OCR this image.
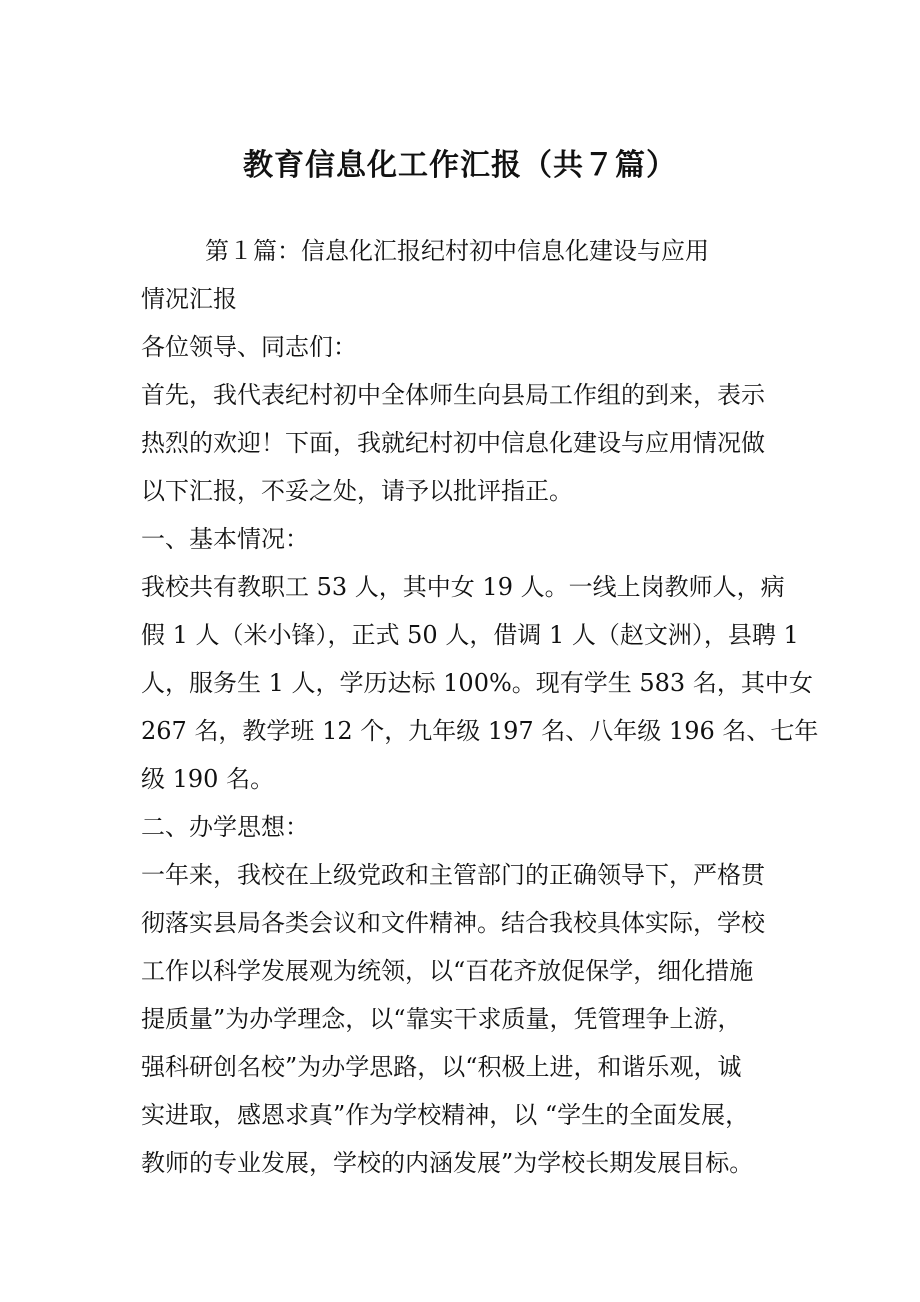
教育信息化工作汇报（共７篇）
第１篇：信息化汇报纪村初中信息化建设与应用
情况汇报
各位领导、同志们：
首先，我代表纪村初中全体师生向县局工作组的到来，表示
热烈的欢迎！下面，我就纪村初中信息化建设与应用情况做
以下汇报，不妥之处，请予以批评指正。
一、基本情况：
我校共有教职工 53 人，其中女 19 人。一线上岗教师人，病
假 1 人（米小锋），正式 50 人，借调 1 人（赵文洲），县聘 1
人，服务生 1 人，学历达标 100%。现有学生 583 名，其中女
267 名，教学班 12 个，九年级 197 名、八年级 196 名、七年
级 190 名。
二、办学思想：
一年来，我校在上级党政和主管部门的正确领导下，严格贯
彻落实县局各类会议和文件精神。结合我校具体实际，学校
工作以科学发展观为统领，以“百花齐放促保学，细化措施
提质量”为办学理念，以“靠实干求质量，凭管理争上游，
强科研创名校”为办学思路，以“积极上进，和谐乐观，诚
实进取，感恩求真”作为学校精神，以 “学生的全面发展，
教师的专业发展，学校的内涵发展”为学校长期发展目标。
